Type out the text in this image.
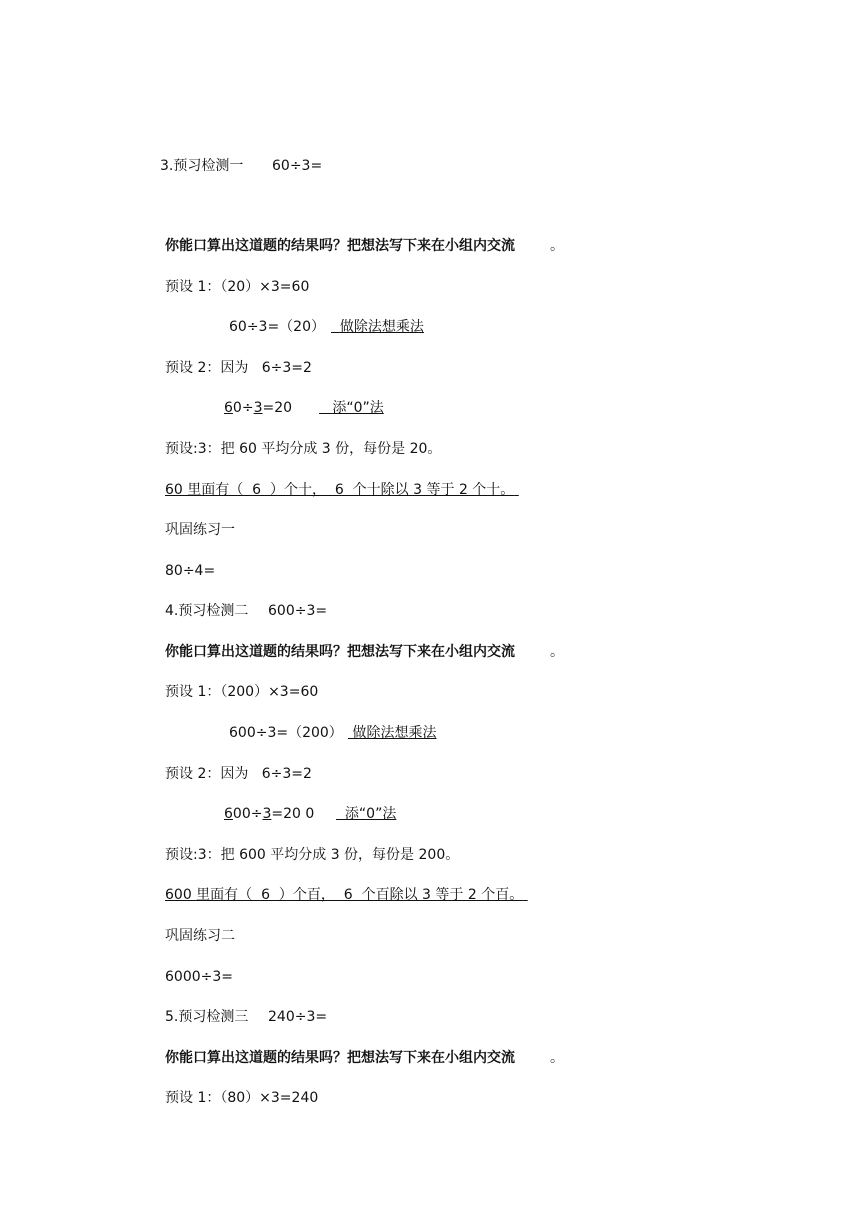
3.预习检测一 60÷3=
你能口算出这道题的结果吗？把想法写下来在小组内交流	。
预设 1：（20）×3=60
60÷3=（20）	做除法想乘法
预设 2：因为   6÷3=2
60÷3=20	添“0”法
预设:3：把 60 平均分成 3 份，每份是 20。
60 里面有（  6  ）个十，  6  个十除以 3 等于 2 个十。
巩固练习一
80÷4=
4.预习检测二 600÷3=
你能口算出这道题的结果吗？把想法写下来在小组内交流	。
预设 1：（200）×3=60
600÷3=（200） 做除法想乘法
预设 2：因为   6÷3=2
600÷3=20 0	添“0”法
预设:3：把 600 平均分成 3 份，每份是 200。
600 里面有（  6  ）个百，  6  个百除以 3 等于 2 个百。
巩固练习二
6000÷3=
5.预习检测三 240÷3=
你能口算出这道题的结果吗？把想法写下来在小组内交流	。
预设 1：（80）×3=240
